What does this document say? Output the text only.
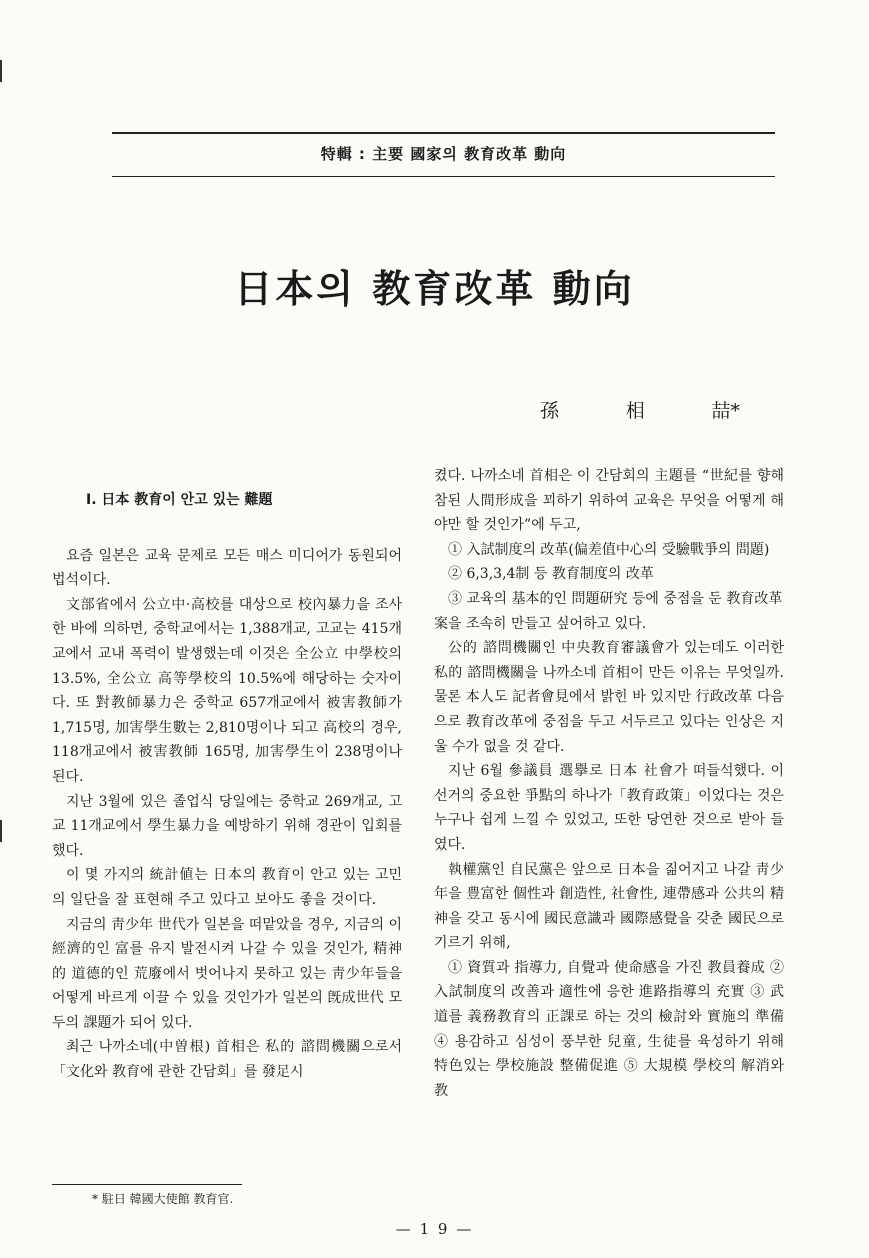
特輯 : 主要 國家의 教育改革 動向
日本의 教育改革 動向
孫	相	喆*
Ⅰ. 日本 教育이 안고 있는 難題

요즘 일본은 교육 문제로 모든 매스 미디어가 동원되어 법석이다.

文部省에서 公立中·高校를 대상으로 校內暴力을 조사한 바에 의하면, 중학교에서는 1,388개교, 고교는 415개교에서 교내 폭력이 발생했는데 이것은 全公立 中學校의 13.5%, 全公立 高等學校의 10.5%에 해당하는 숫자이다. 또 對教師暴力은 중학교 657개교에서 被害教師가 1,715명, 加害學生數는 2,810명이나 되고 高校의 경우, 118개교에서 被害教師 165명, 加害學生이 238명이나 된다.

지난 3월에 있은 졸업식 당일에는 중학교 269개교, 고교 11개교에서 學生暴力을 예방하기 위해 경관이 입회를 했다.

이 몇 가지의 統計値는 日本의 教育이 안고 있는 고민의 일단을 잘 표현해 주고 있다고 보아도 좋을 것이다.

지금의 靑少年 世代가 일본을 떠맡았을 경우, 지금의 이 經濟的인 富를 유지 발전시켜 나갈 수 있을 것인가, 精神的 道德的인 荒廢에서 벗어나지 못하고 있는 靑少年들을 어떻게 바르게 이끌 수 있을 것인가가 일본의 旣成世代 모두의 課題가 되어 있다.

최근 나까소네(中曽根) 首相은 私的 諮問機關으로서「文化와 教育에 관한 간담회」를 發足시

켰다. 나까소네 首相은 이 간담회의 主題를 “世紀를 향해 참된 人間形成을 꾀하기 위하여 교육은 무엇을 어떻게 해야만 할 것인가”에 두고,

① 入試制度의 改革(偏差值中心의 受驗戰爭의 問題)

② 6,3,3,4制 등 教育制度의 改革

③ 교육의 基本的인 問題研究 등에 중점을 둔 教育改革案을 조속히 만들고 싶어하고 있다.

公的 諮問機關인 中央教育審議會가 있는데도 이러한 私的 諮問機關을 나까소네 首相이 만든 이유는 무엇일까. 물론 本人도 記者會見에서 밝힌 바 있지만 行政改革 다음으로 教育改革에 중점을 두고 서두르고 있다는 인상은 지울 수가 없을 것 같다.

지난 6월 參議員 選擧로 日本 社會가 떠들석했다. 이 선거의 중요한 爭點의 하나가「教育政策」이었다는 것은 누구나 쉽게 느낄 수 있었고, 또한 당연한 것으로 받아 들였다.

執權黨인 自民黨은 앞으로 日本을 짊어지고 나갈 靑少年을 豊富한 個性과 創造性, 社會性, 連帶感과 公共의 精神을 갖고 동시에 國民意識과 國際感覺을 갖춘 國民으로 기르기 위해,

① 資質과 指導力, 自覺과 使命感을 가진 教員養成 ② 入試制度의 改善과 適性에 응한 進路指導의 充實 ③ 武道를 義務教育의 正課로 하는 것의 檢討와 實施의 準備 ④ 용감하고 심성이 풍부한 兒童, 生徒를 육성하기 위해 特色있는 學校施設 整備促進 ⑤ 大規模 學校의 解消와 教

* 駐日 韓國大使館 教育官.
— 1 9 —
